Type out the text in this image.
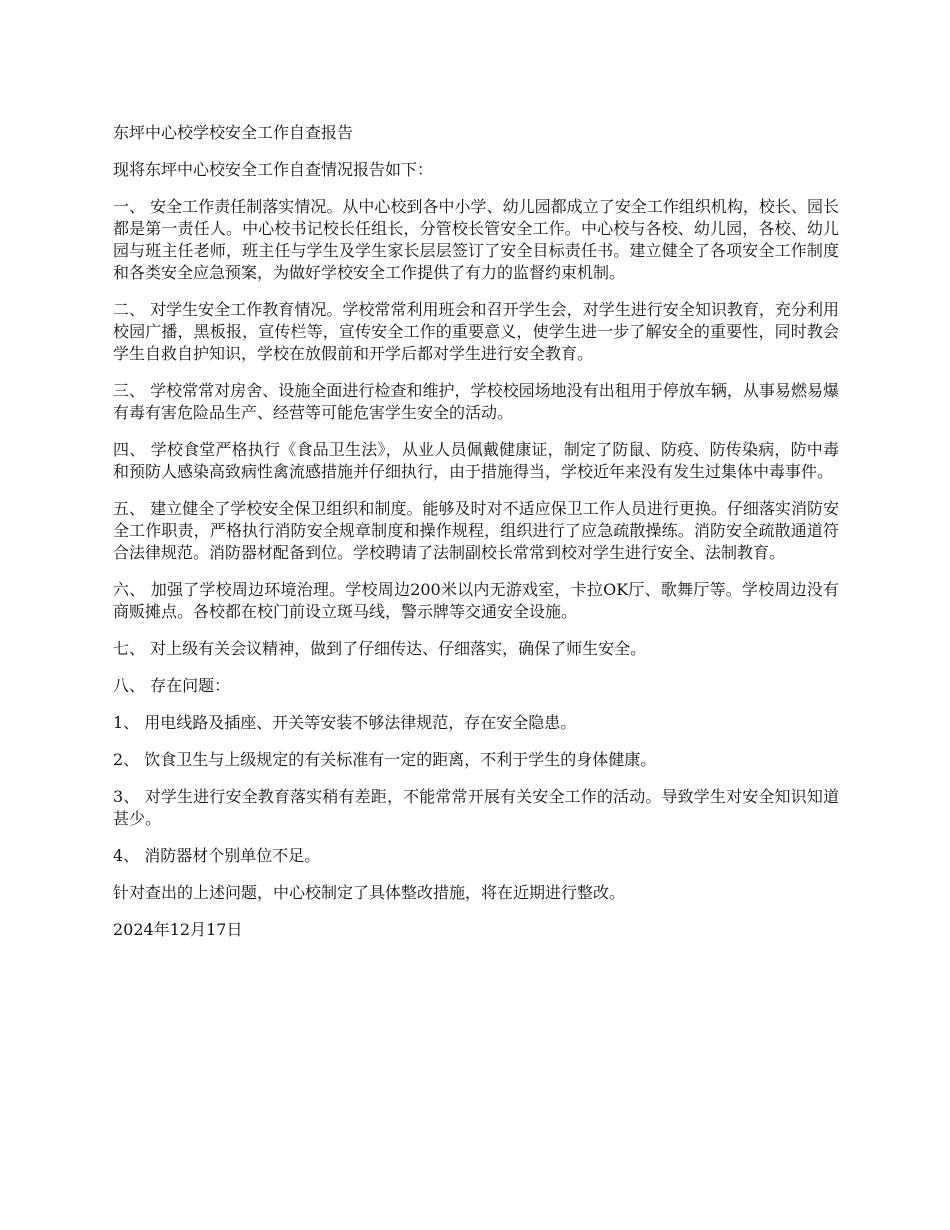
东坪中心校学校安全工作自查报告

现将东坪中心校安全工作自查情况报告如下：

一、 安全工作责任制落实情况。从中心校到各中小学、幼儿园都成立了安全工作组织机构，校长、园长都是第一责任人。中心校书记校长任组长，分管校长管安全工作。中心校与各校、幼儿园，各校、幼儿园与班主任老师，班主任与学生及学生家长层层签订了安全目标责任书。建立健全了各项安全工作制度和各类安全应急预案，为做好学校安全工作提供了有力的监督约束机制。

二、 对学生安全工作教育情况。学校常常利用班会和召开学生会，对学生进行安全知识教育，充分利用校园广播，黑板报，宣传栏等，宣传安全工作的重要意义，使学生进一步了解安全的重要性，同时教会学生自救自护知识，学校在放假前和开学后都对学生进行安全教育。

三、 学校常常对房舍、设施全面进行检查和维护，学校校园场地没有出租用于停放车辆，从事易燃易爆有毒有害危险品生产、经营等可能危害学生安全的活动。

四、 学校食堂严格执行《食品卫生法》，从业人员佩戴健康证，制定了防鼠、防疫、防传染病，防中毒和预防人感染高致病性禽流感措施并仔细执行，由于措施得当，学校近年来没有发生过集体中毒事件。

五、 建立健全了学校安全保卫组织和制度。能够及时对不适应保卫工作人员进行更换。仔细落实消防安全工作职责，严格执行消防安全规章制度和操作规程，组织进行了应急疏散操练。消防安全疏散通道符合法律规范。消防器材配备到位。学校聘请了法制副校长常常到校对学生进行安全、法制教育。

六、 加强了学校周边环境治理。学校周边200米以内无游戏室，卡拉OK厅、歌舞厅等。学校周边没有商贩摊点。各校都在校门前设立斑马线，警示牌等交通安全设施。

七、 对上级有关会议精神，做到了仔细传达、仔细落实，确保了师生安全。

八、 存在问题：

1、 用电线路及插座、开关等安装不够法律规范，存在安全隐患。

2、 饮食卫生与上级规定的有关标准有一定的距离，不利于学生的身体健康。

3、 对学生进行安全教育落实稍有差距，不能常常开展有关安全工作的活动。导致学生对安全知识知道甚少。

4、 消防器材个别单位不足。

针对查出的上述问题，中心校制定了具体整改措施，将在近期进行整改。

2024年12月17日
